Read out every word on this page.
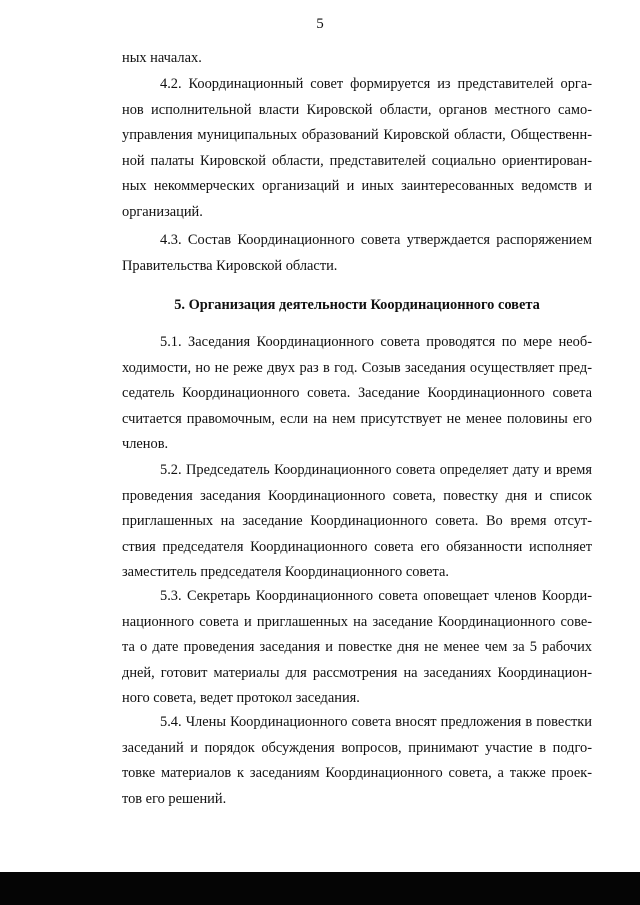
5
ных началах.
4.2. Координационный совет формируется из представителей орга-
нов исполнительной власти Кировской области, органов местного само-
управления муниципальных образований Кировской области, Общественн-
ной палаты Кировской области, представителей социально ориентирован-
ных некоммерческих организаций и иных заинтересованных ведомств и
организаций.
4.3. Состав Координационного совета утверждается распоряжением
Правительства Кировской области.
5. Организация деятельности Координационного совета
5.1. Заседания Координационного совета проводятся по мере необ-
ходимости, но не реже двух раз в год. Созыв заседания осуществляет пред-
седатель Координационного совета. Заседание Координационного совета
считается правомочным, если на нем присутствует не менее половины его
членов.
5.2. Председатель Координационного совета определяет дату и время
проведения заседания Координационного совета, повестку дня и список
приглашенных на заседание Координационного совета. Во время отсут-
ствия председателя Координационного совета его обязанности исполняет
заместитель председателя Координационного совета.
5.3. Секретарь Координационного совета оповещает членов Коорди-
национного совета и приглашенных на заседание Координационного сове-
та о дате проведения заседания и повестке дня не менее чем за 5 рабочих
дней, готовит материалы для рассмотрения на заседаниях Координацион-
ного совета, ведет протокол заседания.
5.4. Члены Координационного совета вносят предложения в повестки
заседаний и порядок обсуждения вопросов, принимают участие в подго-
товке материалов к заседаниям Координационного совета, а также проек-
тов его решений.
